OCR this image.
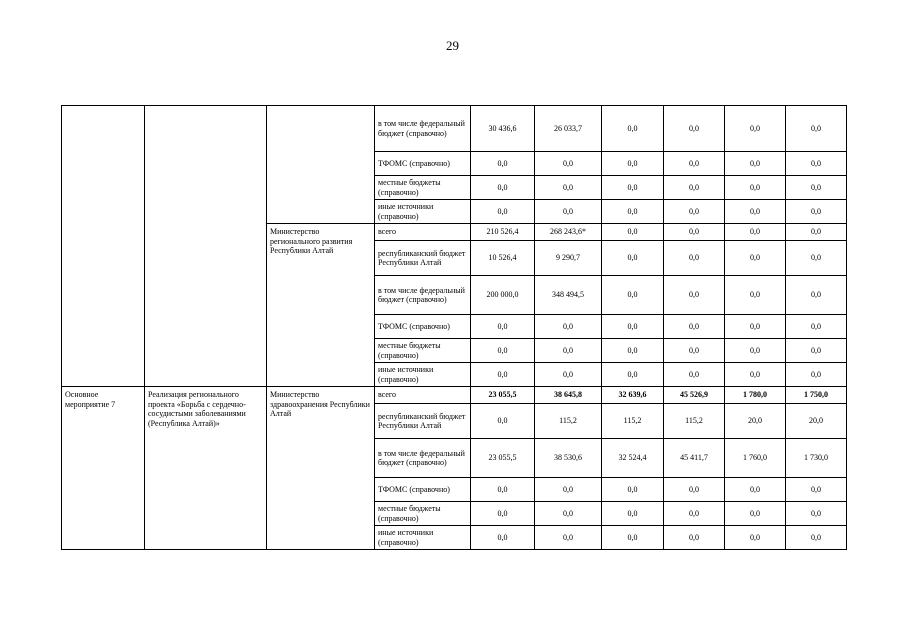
29
			в том числе федеральный бюджет (справочно)	30 436,6	26 033,7	0,0	0,0	0,0	0,0
			ТФОМС (справочно)	0,0	0,0	0,0	0,0	0,0	0,0
			местные бюджеты (справочно)	0,0	0,0	0,0	0,0	0,0	0,0
			иные источники (справочно)	0,0	0,0	0,0	0,0	0,0	0,0
		Министерство регионального развития Республики Алтай	всего	210 526,4	268 243,6*	0,0	0,0	0,0	0,0
			республиканский бюджет Республики Алтай	10 526,4	9 290,7	0,0	0,0	0,0	0,0
			в том числе федеральный бюджет (справочно)	200 000,0	348 494,5	0,0	0,0	0,0	0,0
			ТФОМС (справочно)	0,0	0,0	0,0	0,0	0,0	0,0
			местные бюджеты (справочно)	0,0	0,0	0,0	0,0	0,0	0,0
			иные источники (справочно)	0,0	0,0	0,0	0,0	0,0	0,0
Основное мероприятие 7	Реализация регионального проекта «Борьба с сердечно-сосудистыми заболеваниями (Республика Алтай)»	Министерство здравоохранения Республики Алтай	всего	23 055,5	38 645,8	32 639,6	45 526,9	1 780,0	1 750,0
			республиканский бюджет Республики Алтай	0,0	115,2	115,2	115,2	20,0	20,0
			в том числе федеральный бюджет (справочно)	23 055,5	38 530,6	32 524,4	45 411,7	1 760,0	1 730,0
			ТФОМС (справочно)	0,0	0,0	0,0	0,0	0,0	0,0
			местные бюджеты (справочно)	0,0	0,0	0,0	0,0	0,0	0,0
			иные источники (справочно)	0,0	0,0	0,0	0,0	0,0	0,0
